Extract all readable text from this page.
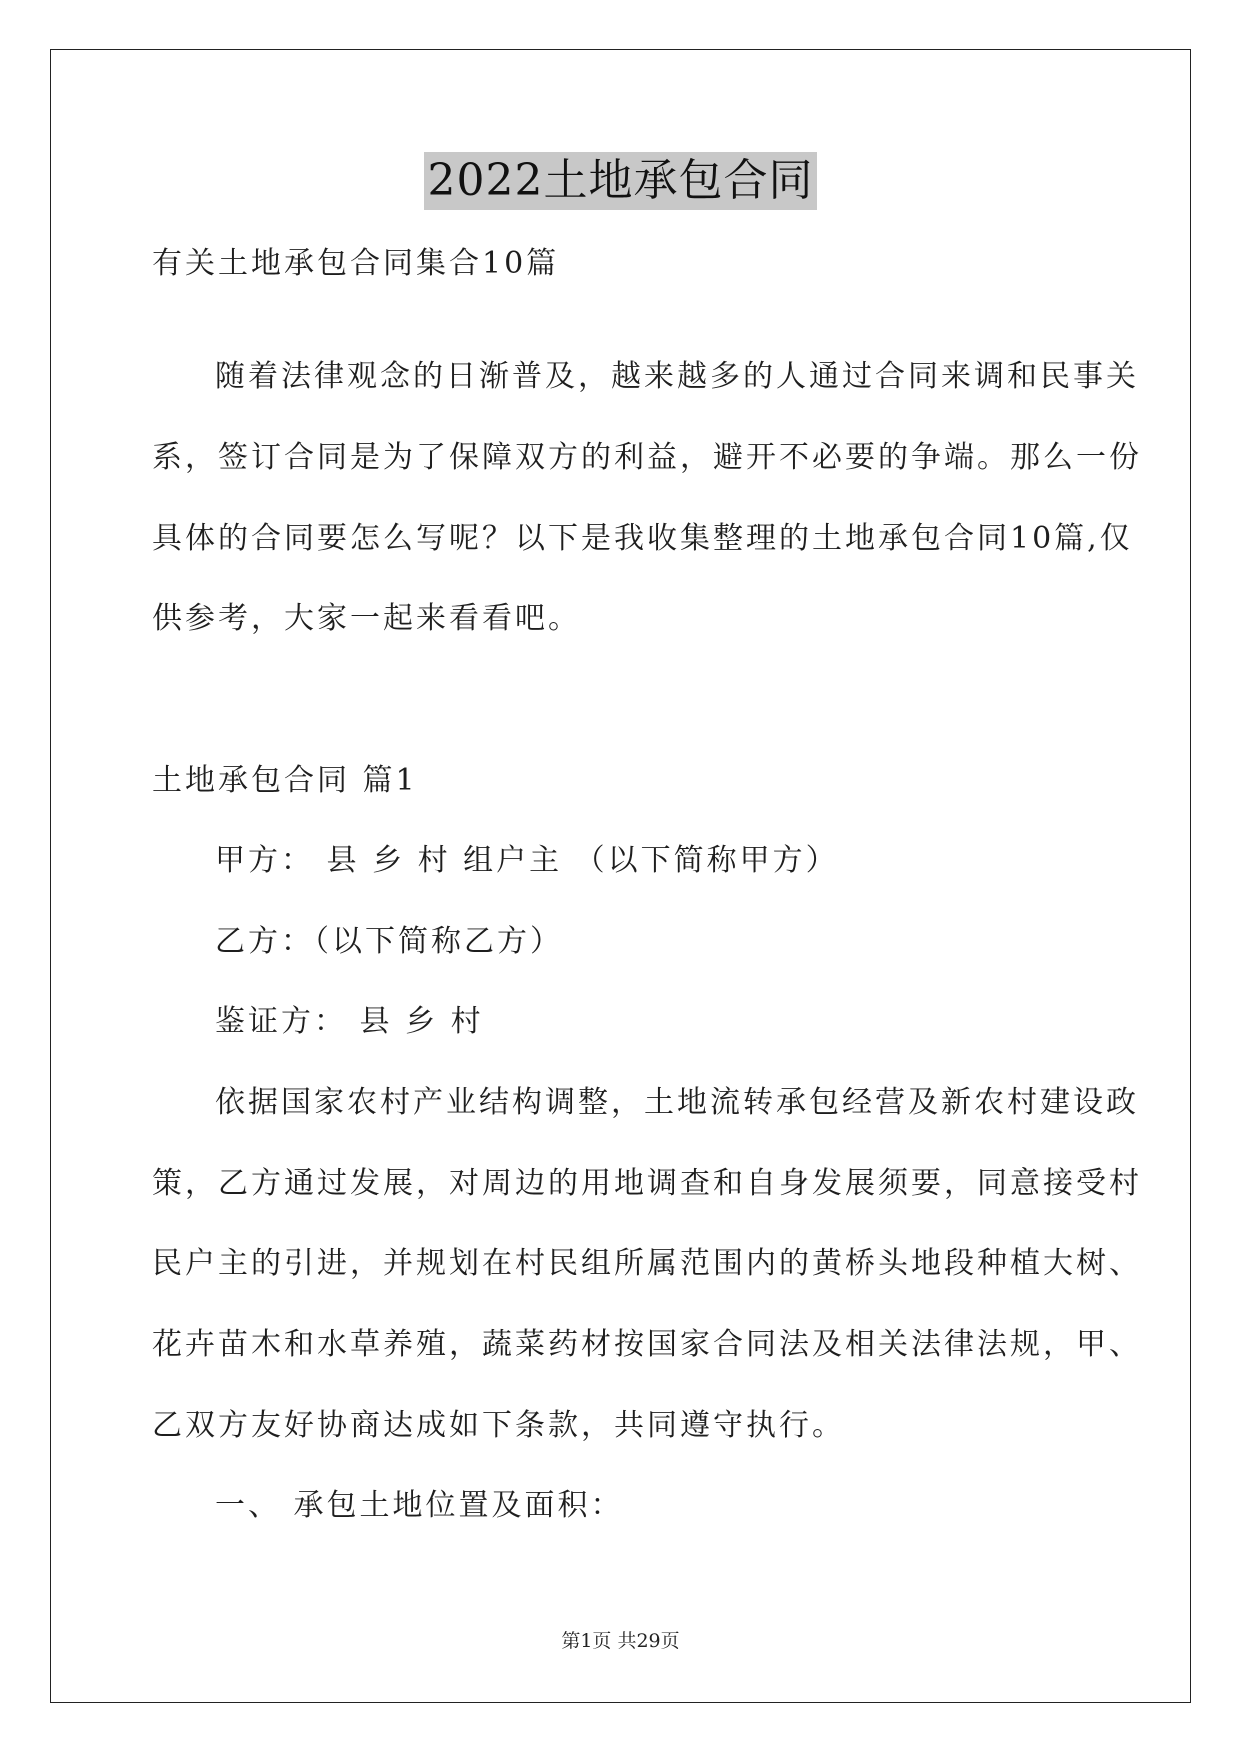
2022土地承包合同
有关土地承包合同集合10篇
随着法律观念的日渐普及，越来越多的人通过合同来调和民事关
系，签订合同是为了保障双方的利益，避开不必要的争端。那么一份
具体的合同要怎么写呢？以下是我收集整理的土地承包合同10篇,仅
供参考，大家一起来看看吧。
土地承包合同 篇1
甲方： 县 乡 村 组户主 （以下简称甲方）
乙方：（以下简称乙方）
鉴证方： 县 乡 村
依据国家农村产业结构调整，土地流转承包经营及新农村建设政
策，乙方通过发展，对周边的用地调查和自身发展须要，同意接受村
民户主的引进，并规划在村民组所属范围内的黄桥头地段种植大树、
花卉苗木和水草养殖，蔬菜药材按国家合同法及相关法律法规，甲、
乙双方友好协商达成如下条款，共同遵守执行。
一、 承包土地位置及面积：
第1页 共29页
